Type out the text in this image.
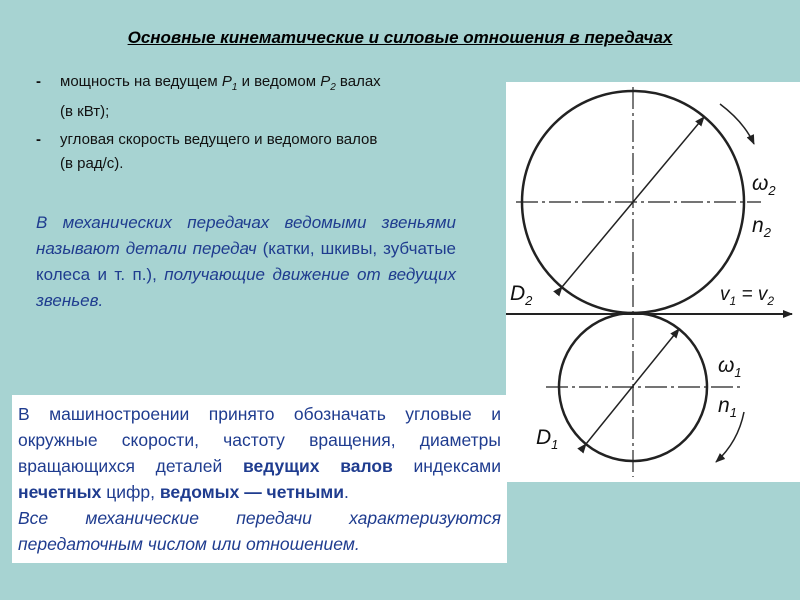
Основные кинематические и силовые отношения в передачах
-	мощность на ведущем $P_1$ и ведомом $P_2$ валах
(в кВт);
-	угловая скорость ведущего и ведомого валов
(в рад/с).
В механических передачах ведомыми звеньями называют детали передач (катки, шкивы, зубчатые колеса и т. п.), получающие движение от ведущих звеньев.
$\omega_2$
$n_2$
$D_2$	$v_1 = v_2$
$\omega_1$
$n_1$
$D_1$

В машиностроении принято обозначать угловые и окружные скорости, частоту вращения, диаметры вращающихся деталей ведущих валов индексами нечетных цифр, ведомых — четными.

Все механические передачи характеризуются передаточным числом или отношением.
